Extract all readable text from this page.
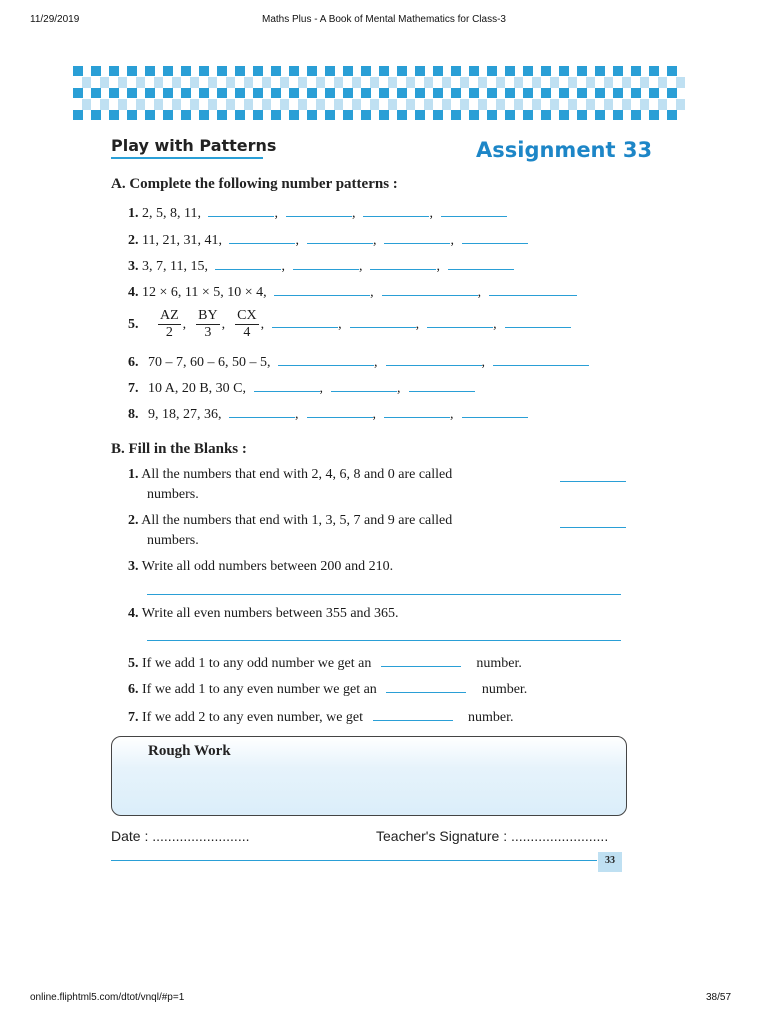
11/29/2019	Maths Plus - A Book of Mental Mathematics for Class-3
Play with Patterns	Assignment 33
A. Complete the following number patterns :
1. 2, 5, 8, 11,	,	,	,
2. 11, 21, 31, 41,	,	,	,
3. 3, 7, 11, 15,	,	,	,
4. 12 × 6, 11 × 5, 10 × 4,	,	,
5. $\frac{AZ}{2}$ , $\frac{BY}{3}$ , $\frac{CX}{4}$ ,	,	,	,
6. 70 – 7, 60 – 6, 50 – 5,	,	,
7. 10 A, 20 B, 30 C,	,	,
8. 9, 18, 27, 36,	,	,	,
B. Fill in the Blanks :
1. All the numbers that end with 2, 4, 6, 8 and 0 are called
numbers.
2. All the numbers that end with 1, 3, 5, 7 and 9 are called
numbers.
3. Write all odd numbers between 200 and 210.
4. Write all even numbers between 355 and 365.
5. If we add 1 to any odd number we get an	number.
6. If we add 1 to any even number we get an	number.
7. If we add 2 to any even number, we get	number.
Rough Work
Date : .........................	Teacher's Signature : .........................
33
online.fliphtml5.com/dtot/vnql/#p=1	38/57
